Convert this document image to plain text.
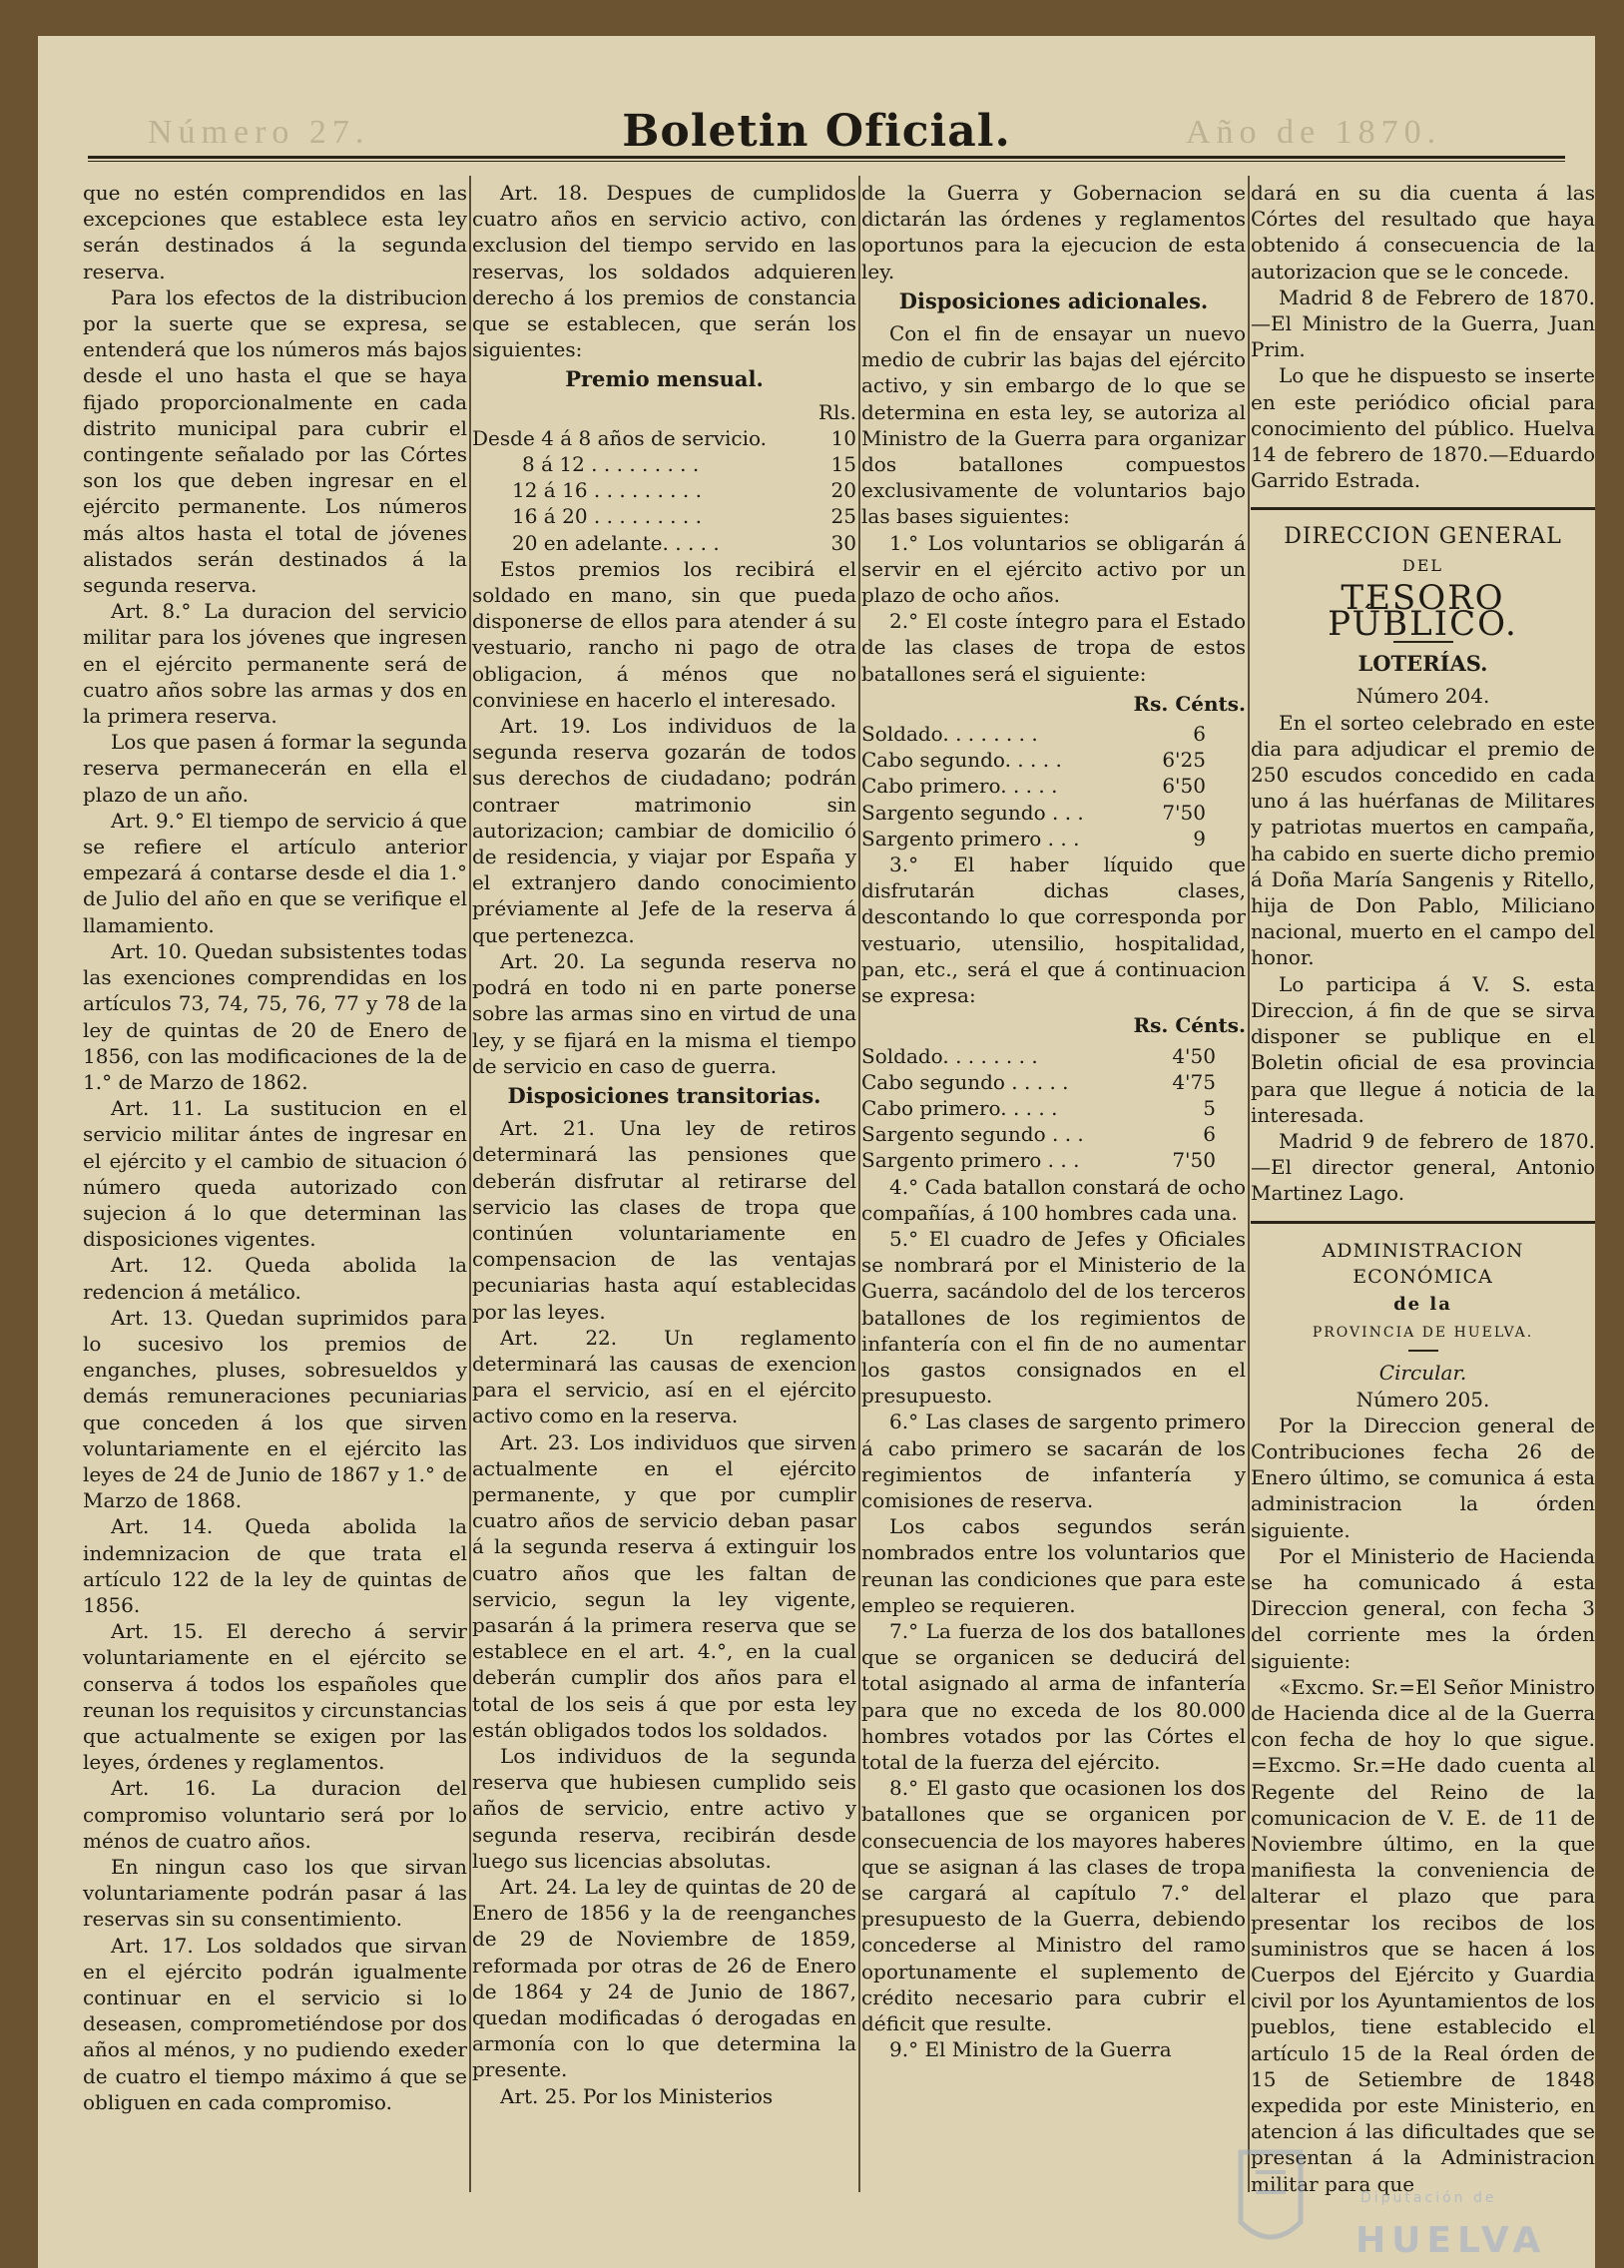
Número 27.	Año de 1870.
Boletin Oficial.

que no estén comprendidos en las excepciones que establece esta ley serán destinados á la segunda reserva.

Para los efectos de la distribucion por la suerte que se expresa, se entenderá que los números más bajos desde el uno hasta el que se haya fijado proporcionalmente en cada distrito municipal para cubrir el contingente señalado por las Córtes son los que deben ingresar en el ejército permanente. Los números más altos hasta el total de jóvenes alistados serán destinados á la segunda reserva.

Art. 8.° La duracion del servicio militar para los jóvenes que ingresen en el ejército permanente será de cuatro años sobre las armas y dos en la primera reserva.

Los que pasen á formar la segunda reserva permanecerán en ella el plazo de un año.

Art. 9.° El tiempo de servicio á que se refiere el artículo anterior empezará á contarse desde el dia 1.° de Julio del año en que se verifique el llamamiento.

Art. 10. Quedan subsistentes todas las exenciones comprendidas en los artículos 73, 74, 75, 76, 77 y 78 de la ley de quintas de 20 de Enero de 1856, con las modificaciones de la de 1.° de Marzo de 1862.

Art. 11. La sustitucion en el servicio militar ántes de ingresar en el ejército y el cambio de situacion ó número queda autorizado con sujecion á lo que determinan las disposiciones vigentes.

Art. 12. Queda abolida la redencion á metálico.

Art. 13. Quedan suprimidos para lo sucesivo los premios de enganches, pluses, sobresueldos y demás remuneraciones pecuniarias que conceden á los que sirven voluntariamente en el ejército las leyes de 24 de Junio de 1867 y 1.° de Marzo de 1868.

Art. 14. Queda abolida la indemnizacion de que trata el artículo 122 de la ley de quintas de 1856.

Art. 15. El derecho á servir voluntariamente en el ejército se conserva á todos los españoles que reunan los requisitos y circunstancias que actualmente se exigen por las leyes, órdenes y reglamentos.

Art. 16. La duracion del compromiso voluntario será por lo ménos de cuatro años.

En ningun caso los que sirvan voluntariamente podrán pasar á las reservas sin su consentimiento.

Art. 17. Los soldados que sirvan en el ejército podrán igualmente continuar en el servicio si lo deseasen, comprometiéndose por dos años al ménos, y no pudiendo exeder de cuatro el tiempo máximo á que se obliguen en cada compromiso.

Art. 18. Despues de cumplidos cuatro años en servicio activo, con exclusion del tiempo servido en las reservas, los soldados adquieren derecho á los premios de constancia que se establecen, que serán los siguientes:

Premio mensual.
Rls.
Desde 4 á 8 años de servicio.	10
8 á 12 . . . . . . . . .	15
12 á 16 . . . . . . . . .	20
16 á 20 . . . . . . . . .	25
20 en adelante. . . . .	30

Estos premios los recibirá el soldado en mano, sin que pueda disponerse de ellos para atender á su vestuario, rancho ni pago de otra obligacion, á ménos que no conviniese en hacerlo el interesado.

Art. 19. Los individuos de la segunda reserva gozarán de todos sus derechos de ciudadano; podrán contraer matrimonio sin autorizacion; cambiar de domicilio ó de residencia, y viajar por España y el extranjero dando conocimiento préviamente al Jefe de la reserva á que pertenezca.

Art. 20. La segunda reserva no podrá en todo ni en parte ponerse sobre las armas sino en virtud de una ley, y se fijará en la misma el tiempo de servicio en caso de guerra.

Disposiciones transitorias.

Art. 21. Una ley de retiros determinará las pensiones que deberán disfrutar al retirarse del servicio las clases de tropa que continúen voluntariamente en compensacion de las ventajas pecuniarias hasta aquí establecidas por las leyes.

Art. 22. Un reglamento determinará las causas de exencion para el servicio, así en el ejército activo como en la reserva.

Art. 23. Los individuos que sirven actualmente en el ejército permanente, y que por cumplir cuatro años de servicio deban pasar á la segunda reserva á extinguir los cuatro años que les faltan de servicio, segun la ley vigente, pasarán á la primera reserva que se establece en el art. 4.°, en la cual deberán cumplir dos años para el total de los seis á que por esta ley están obligados todos los soldados.

Los individuos de la segunda reserva que hubiesen cumplido seis años de servicio, entre activo y segunda reserva, recibirán desde luego sus licencias absolutas.

Art. 24. La ley de quintas de 20 de Enero de 1856 y la de reenganches de 29 de Noviembre de 1859, reformada por otras de 26 de Enero de 1864 y 24 de Junio de 1867, quedan modificadas ó derogadas en armonía con lo que determina la presente.

Art. 25. Por los Ministerios

de la Guerra y Gobernacion se dictarán las órdenes y reglamentos oportunos para la ejecucion de esta ley.

Disposiciones adicionales.

Con el fin de ensayar un nuevo medio de cubrir las bajas del ejército activo, y sin embargo de lo que se determina en esta ley, se autoriza al Ministro de la Guerra para organizar dos batallones compuestos exclusivamente de voluntarios bajo las bases siguientes:

1.° Los voluntarios se obligarán á servir en el ejército activo por un plazo de ocho años.

2.° El coste íntegro para el Estado de las clases de tropa de estos batallones será el siguiente:

Rs. Cénts.
Soldado. . . . . . . .	6
Cabo segundo. . . . .	6'25
Cabo primero. . . . .	6'50
Sargento segundo . . .	7'50
Sargento primero . . .	9

3.° El haber líquido que disfrutarán dichas clases, descontando lo que corresponda por vestuario, utensilio, hospitalidad, pan, etc., será el que á continuacion se expresa:

Rs. Cénts.
Soldado. . . . . . . .	4'50
Cabo segundo . . . . .	4'75
Cabo primero. . . . .	5
Sargento segundo . . .	6
Sargento primero . . .	7'50

4.° Cada batallon constará de ocho compañías, á 100 hombres cada una.

5.° El cuadro de Jefes y Oficiales se nombrará por el Ministerio de la Guerra, sacándolo del de los terceros batallones de los regimientos de infantería con el fin de no aumentar los gastos consignados en el presupuesto.

6.° Las clases de sargento primero á cabo primero se sacarán de los regimientos de infantería y comisiones de reserva.

Los cabos segundos serán nombrados entre los voluntarios que reunan las condiciones que para este empleo se requieren.

7.° La fuerza de los dos batallones que se organicen se deducirá del total asignado al arma de infantería para que no exceda de los 80.000 hombres votados por las Córtes el total de la fuerza del ejército.

8.° El gasto que ocasionen los dos batallones que se organicen por consecuencia de los mayores haberes que se asignan á las clases de tropa se cargará al capítulo 7.° del presupuesto de la Guerra, debiendo concederse al Ministro del ramo oportunamente el suplemento de crédito necesario para cubrir el déficit que resulte.

9.° El Ministro de la Guerra

dará en su dia cuenta á las Córtes del resultado que haya obtenido á consecuencia de la autorizacion que se le concede.

Madrid 8 de Febrero de 1870. —El Ministro de la Guerra, Juan Prim.

Lo que he dispuesto se inserte en este periódico oficial para conocimiento del público. Huelva 14 de febrero de 1870.—Eduardo Garrido Estrada.

DIRECCION GENERAL
DEL
TESORO PÚBLICO.
LOTERÍAS.

Número 204.

En el sorteo celebrado en este dia para adjudicar el premio de 250 escudos concedido en cada uno á las huérfanas de Militares y patriotas muertos en campaña, ha cabido en suerte dicho premio á Doña María Sangenis y Ritello, hija de Don Pablo, Miliciano nacional, muerto en el campo del honor.

Lo participa á V. S. esta Direccion, á fin de que se sirva disponer se publique en el Boletin oficial de esa provincia para que llegue á noticia de la interesada.

Madrid 9 de febrero de 1870. —El director general, Antonio Martinez Lago.

ADMINISTRACION ECONÓMICA
de la
PROVINCIA DE HUELVA.

Circular.

Número 205.

Por la Direccion general de Contribuciones fecha 26 de Enero último, se comunica á esta administracion la órden siguiente.

Por el Ministerio de Hacienda se ha comunicado á esta Direccion general, con fecha 3 del corriente mes la órden siguiente:

«Excmo. Sr.=El Señor Ministro de Hacienda dice al de la Guerra con fecha de hoy lo que sigue. =Excmo. Sr.=He dado cuenta al Regente del Reino de la comunicacion de V. E. de 11 de Noviembre último, en la que manifiesta la conveniencia de alterar el plazo que para presentar los recibos de los suministros que se hacen á los Cuerpos del Ejército y Guardia civil por los Ayuntamientos de los pueblos, tiene establecido el artículo 15 de la Real órden de 15 de Setiembre de 1848 expedida por este Ministerio, en atencion á las dificultades que se presentan á la Administracion militar para que

Diputación de
HUELVA
